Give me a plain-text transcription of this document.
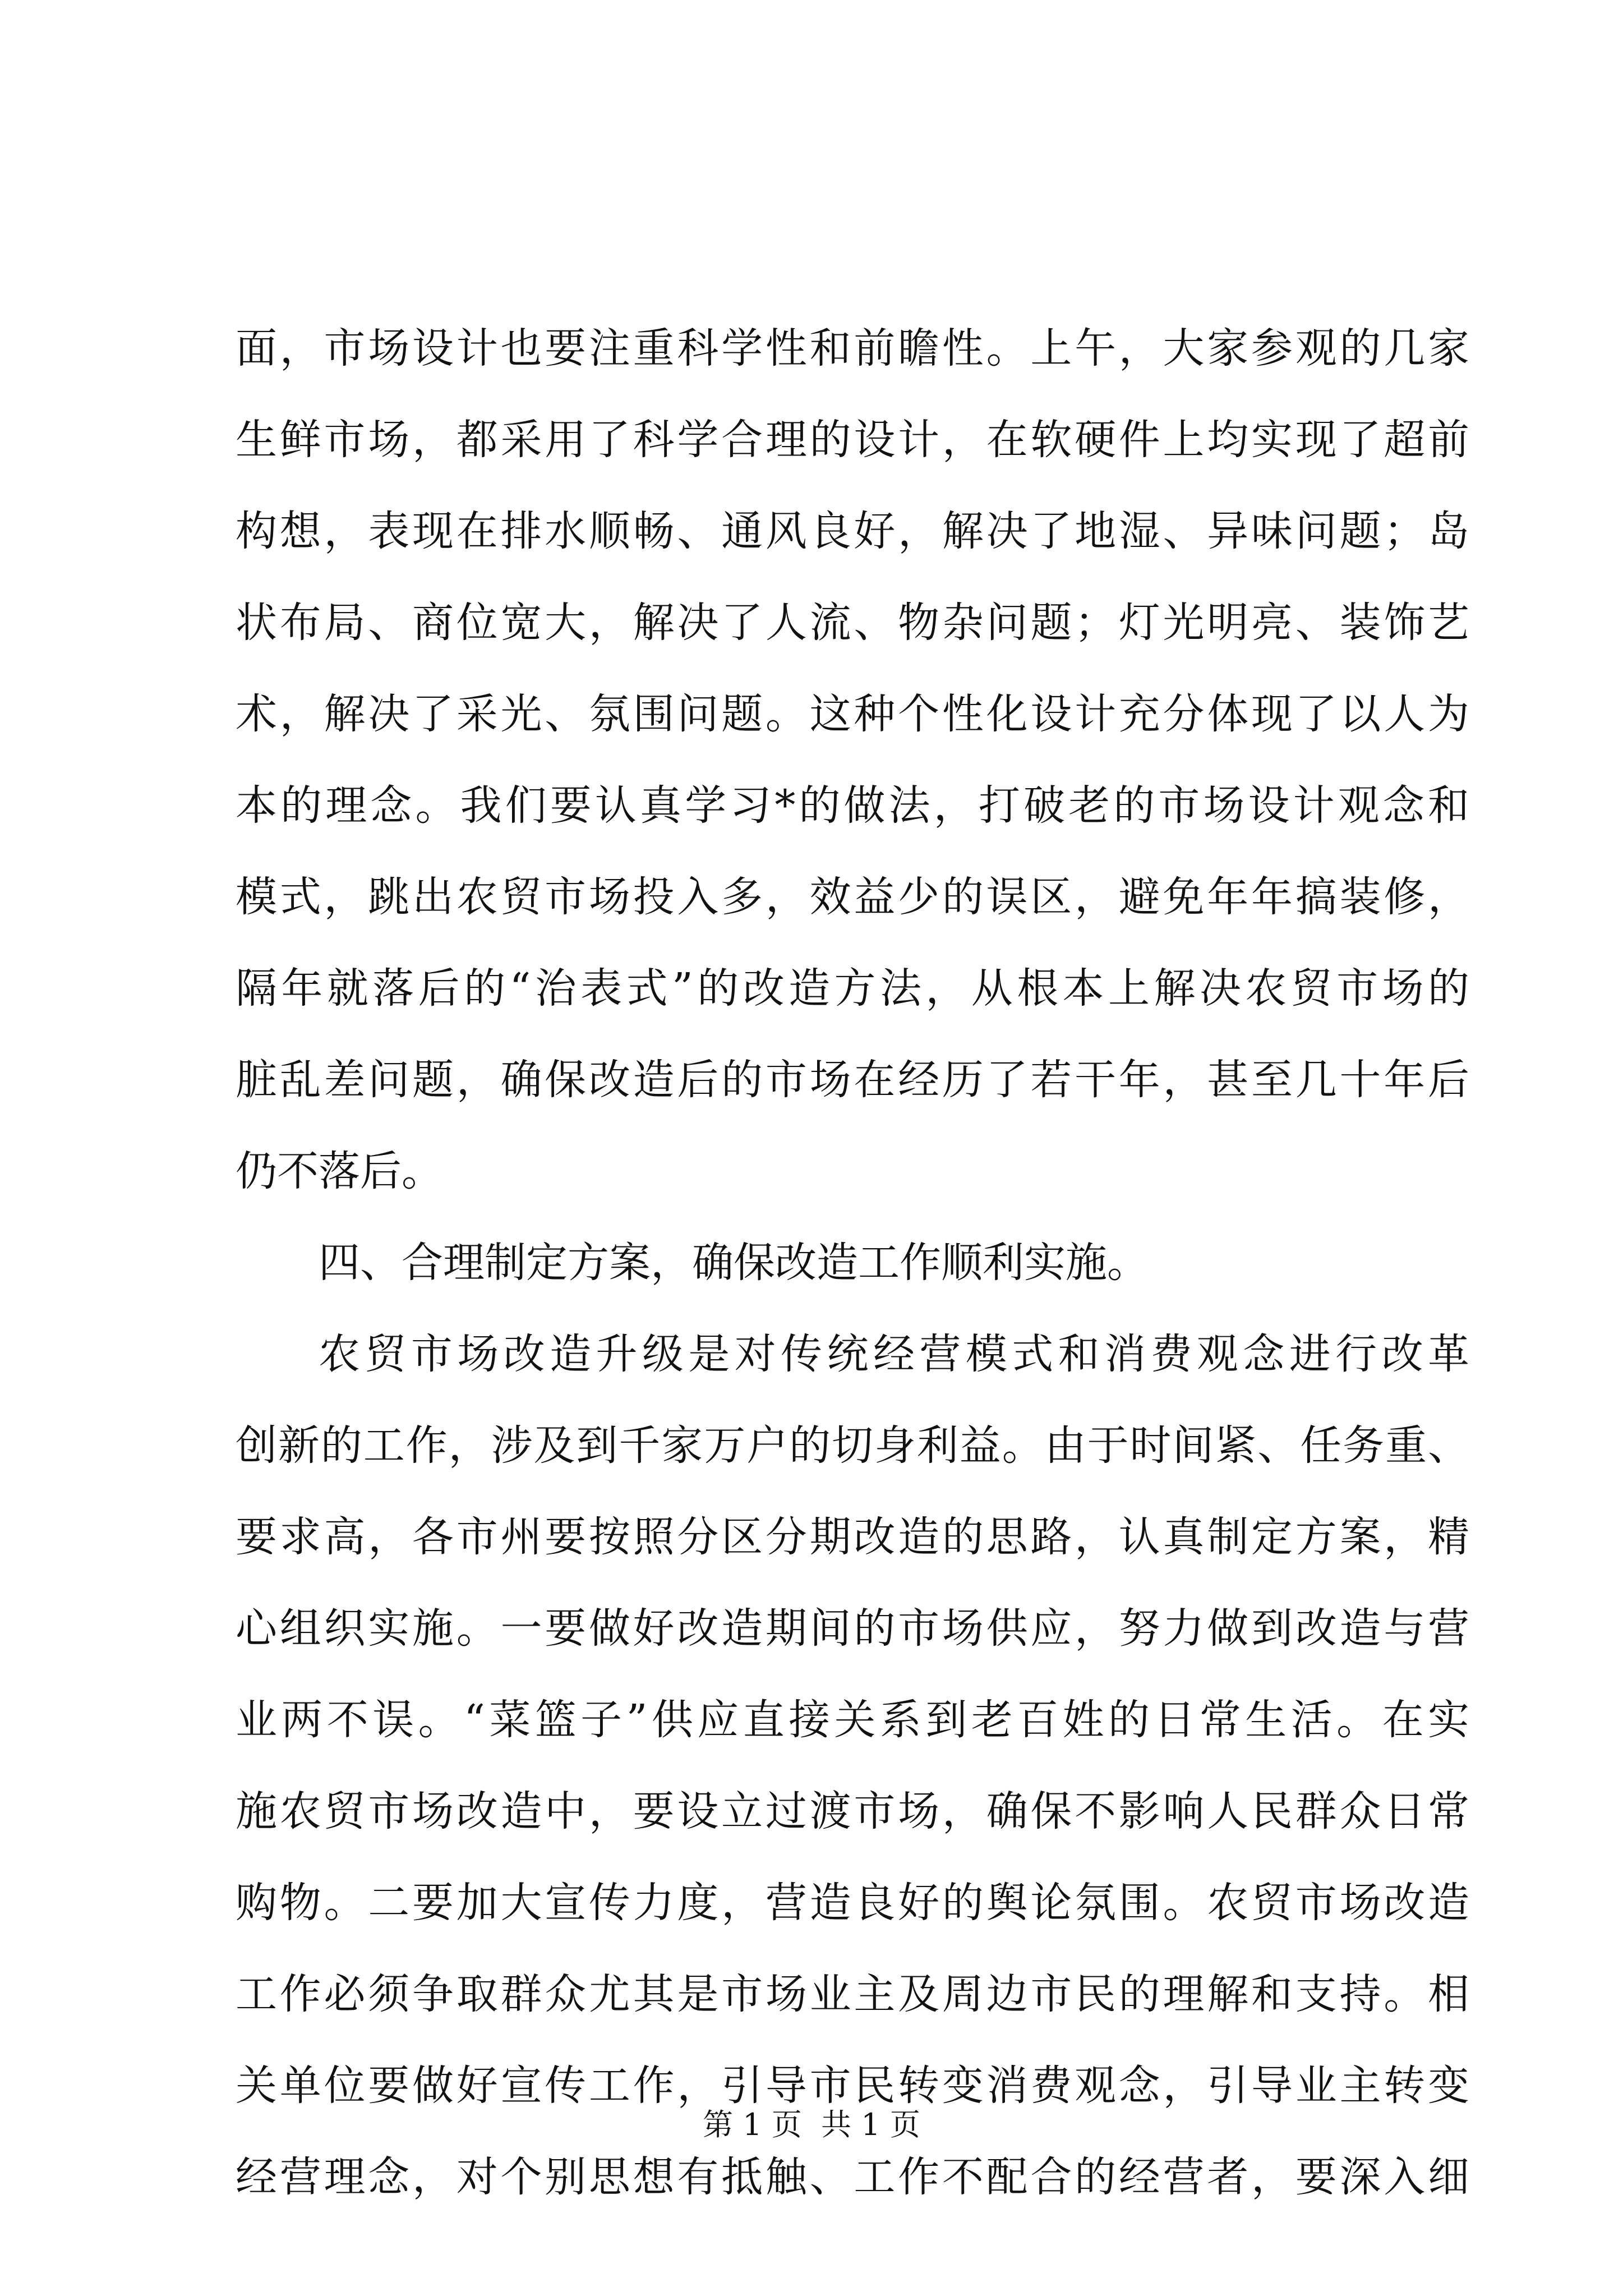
面，市场设计也要注重科学性和前瞻性。上午，大家参观的几家
生鲜市场，都采用了科学合理的设计，在软硬件上均实现了超前
构想，表现在排水顺畅、通风良好，解决了地湿、异味问题；岛
状布局、商位宽大，解决了人流、物杂问题；灯光明亮、装饰艺
术，解决了采光、氛围问题。这种个性化设计充分体现了以人为
本的理念。我们要认真学习*的做法，打破老的市场设计观念和
模式，跳出农贸市场投入多，效益少的误区，避免年年搞装修，
隔年就落后的“治表式”的改造方法，从根本上解决农贸市场的
脏乱差问题，确保改造后的市场在经历了若干年，甚至几十年后
仍不落后。
四、合理制定方案，确保改造工作顺利实施。
农贸市场改造升级是对传统经营模式和消费观念进行改革
创新的工作，涉及到千家万户的切身利益。由于时间紧、任务重、
要求高，各市州要按照分区分期改造的思路，认真制定方案，精
心组织实施。一要做好改造期间的市场供应，努力做到改造与营
业两不误。“菜篮子”供应直接关系到老百姓的日常生活。在实
施农贸市场改造中，要设立过渡市场，确保不影响人民群众日常
购物。二要加大宣传力度，营造良好的舆论氛围。农贸市场改造
工作必须争取群众尤其是市场业主及周边市民的理解和支持。相
关单位要做好宣传工作，引导市民转变消费观念，引导业主转变
经营理念，对个别思想有抵触、工作不配合的经营者，要深入细
第 1 页  共 1 页
